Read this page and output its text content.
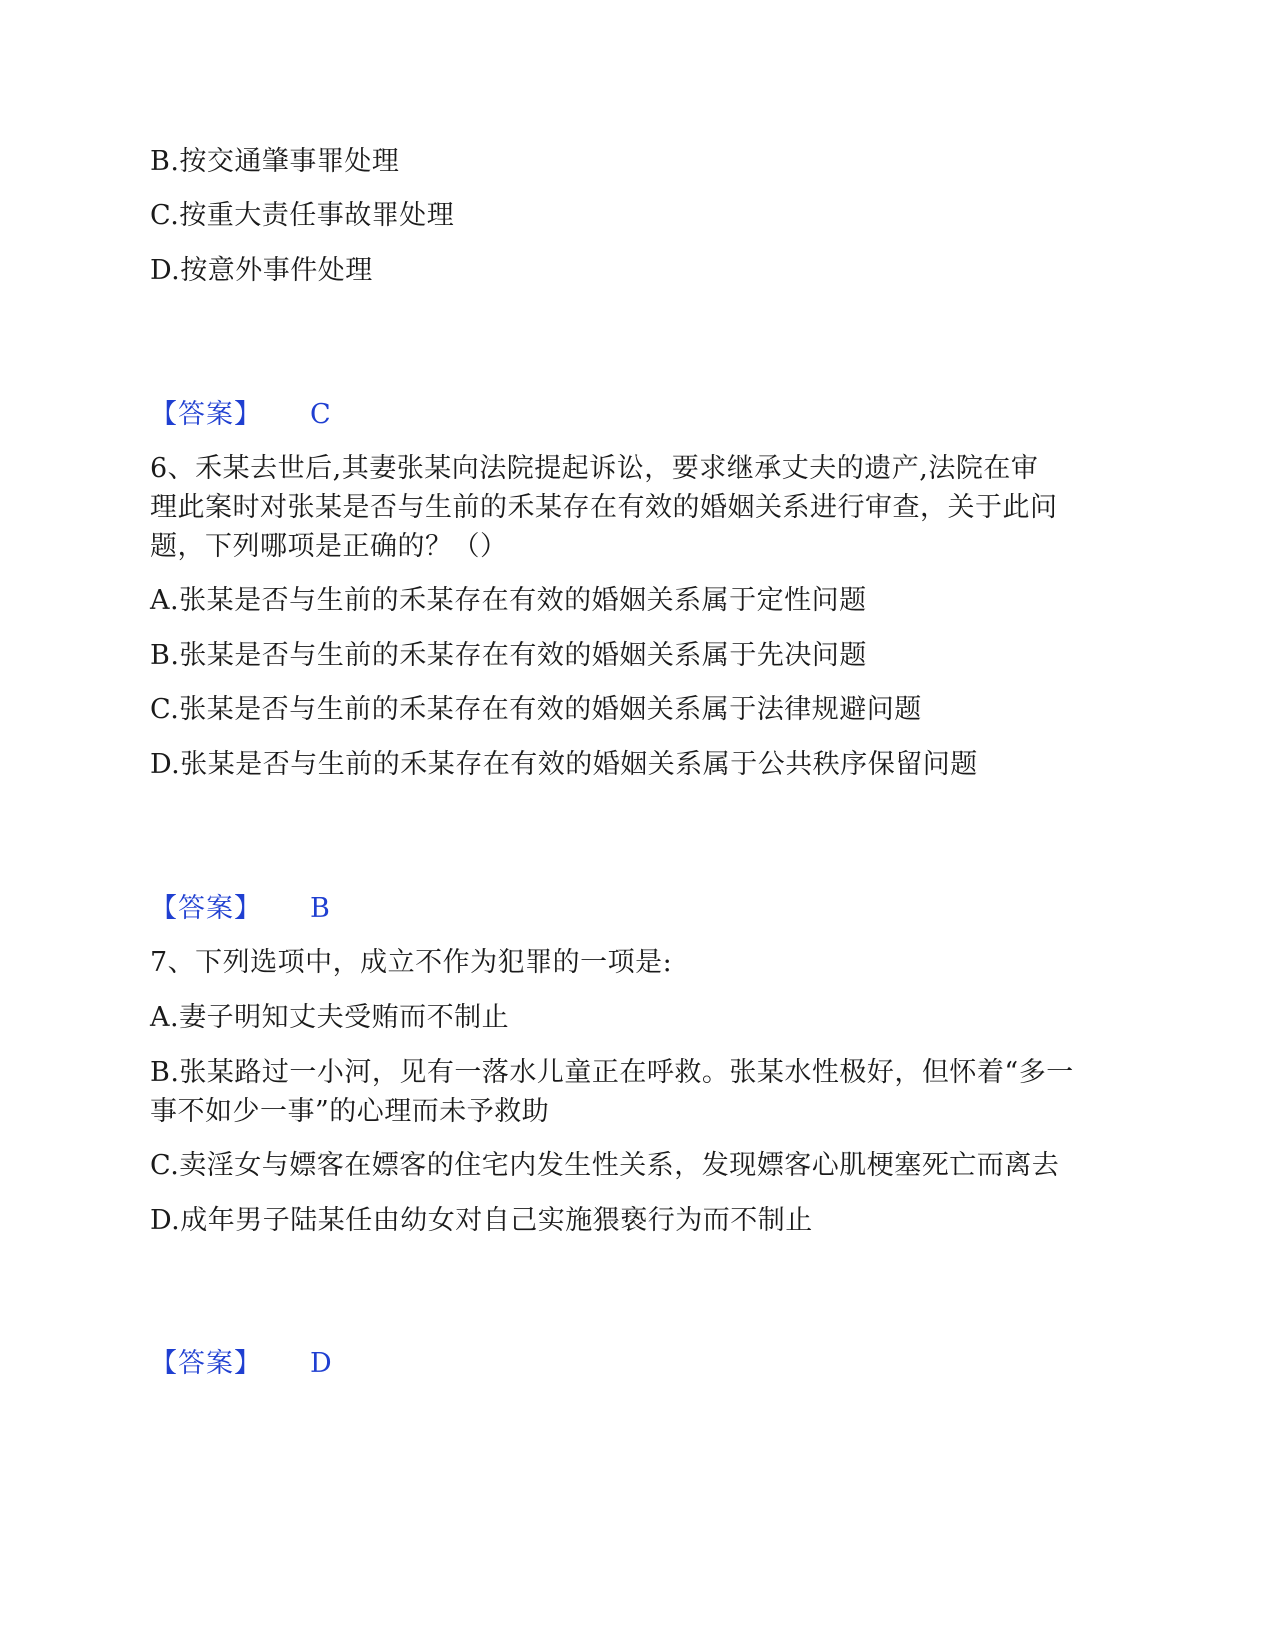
B.按交通肇事罪处理
C.按重大责任事故罪处理
D.按意外事件处理
【答案】 C
6、禾某去世后,其妻张某向法院提起诉讼，要求继承丈夫的遗产,法院在审
理此案时对张某是否与生前的禾某存在有效的婚姻关系进行审查，关于此问
题，下列哪项是正确的？（）
A.张某是否与生前的禾某存在有效的婚姻关系属于定性问题
B.张某是否与生前的禾某存在有效的婚姻关系属于先决问题
C.张某是否与生前的禾某存在有效的婚姻关系属于法律规避问题
D.张某是否与生前的禾某存在有效的婚姻关系属于公共秩序保留问题
【答案】 B
7、下列选项中，成立不作为犯罪的一项是:
A.妻子明知丈夫受贿而不制止
B.张某路过一小河，见有一落水儿童正在呼救。张某水性极好，但怀着“多一
事不如少一事”的心理而未予救助
C.卖淫女与嫖客在嫖客的住宅内发生性关系，发现嫖客心肌梗塞死亡而离去
D.成年男子陆某任由幼女对自己实施猥亵行为而不制止
【答案】 D
